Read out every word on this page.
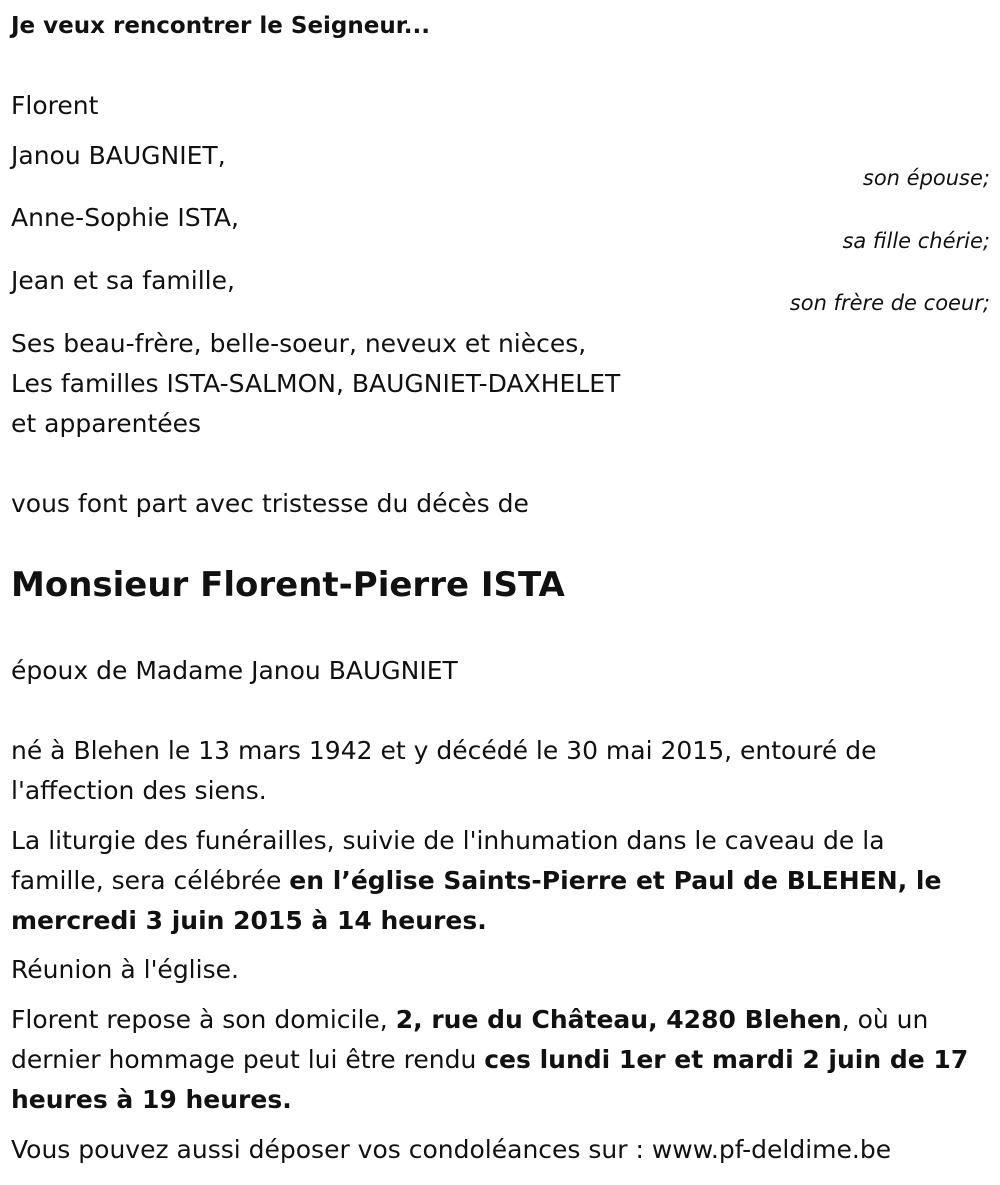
Je veux rencontrer le Seigneur...
Florent
Janou BAUGNIET,
son épouse;
Anne-Sophie ISTA,
sa fille chérie;
Jean et sa famille,
son frère de coeur;
Ses beau-frère, belle-soeur, neveux et nièces,
Les familles ISTA-SALMON, BAUGNIET-DAXHELET
et apparentées
vous font part avec tristesse du décès de
Monsieur Florent-Pierre ISTA
époux de Madame Janou BAUGNIET
né à Blehen le 13 mars 1942 et y décédé le 30 mai 2015, entouré de
l'affection des siens.
La liturgie des funérailles, suivie de l'inhumation dans le caveau de la
famille, sera célébrée en l’église Saints-Pierre et Paul de BLEHEN, le
mercredi 3 juin 2015 à 14 heures.
Réunion à l'église.
Florent repose à son domicile, 2, rue du Château, 4280 Blehen, où un
dernier hommage peut lui être rendu ces lundi 1er et mardi 2 juin de 17
heures à 19 heures.
Vous pouvez aussi déposer vos condoléances sur : www.pf-deldime.be
